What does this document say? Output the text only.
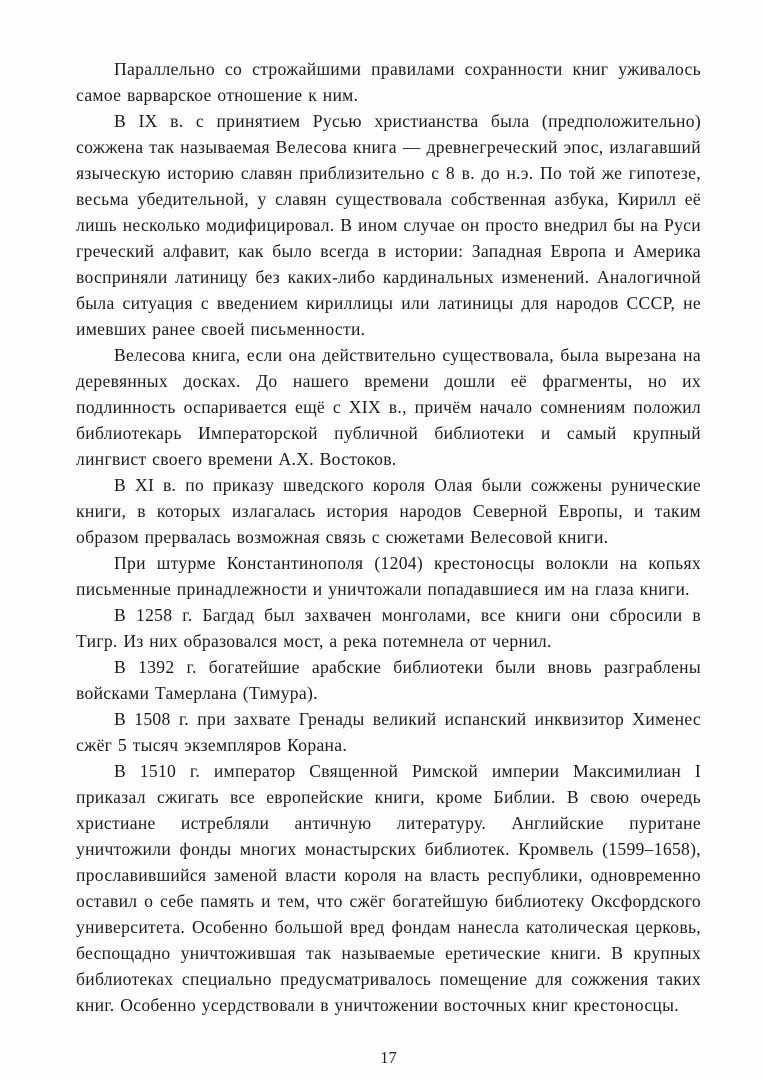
Параллельно со строжайшими правилами сохранности книг уживалось самое варварское отношение к ним.

В IX в. с принятием Русью христианства была (предположительно) сожжена так называемая Велесова книга — древнегреческий эпос, излагавший языческую историю славян приблизительно с 8 в. до н.э. По той же гипотезе, весьма убедительной, у славян существовала собственная азбука, Кирилл её лишь несколько модифицировал. В ином случае он просто внедрил бы на Руси греческий алфавит, как было всегда в истории: Западная Европа и Америка восприняли латиницу без каких-либо кардинальных изменений. Аналогичной была ситуация с введением кириллицы или латиницы для народов СССР, не имевших ранее своей письменности.

Велесова книга, если она действительно существовала, была вырезана на деревянных досках. До нашего времени дошли её фрагменты, но их подлинность оспаривается ещё с XIX в., причём начало сомнениям положил библиотекарь Императорской публичной библиотеки и самый крупный лингвист своего времени А.Х. Востоков.

В XI в. по приказу шведского короля Олая были сожжены рунические книги, в которых излагалась история народов Северной Европы, и таким образом прервалась возможная связь с сюжетами Велесовой книги.

При штурме Константинополя (1204) крестоносцы волокли на копьях письменные принадлежности и уничтожали попадавшиеся им на глаза книги.

В 1258 г. Багдад был захвачен монголами, все книги они сбросили в Тигр. Из них образовался мост, а река потемнела от чернил.

В 1392 г. богатейшие арабские библиотеки были вновь разграблены войсками Тамерлана (Тимура).

В 1508 г. при захвате Гренады великий испанский инквизитор Хименес сжёг 5 тысяч экземпляров Корана.

В 1510 г. император Священной Римской империи Максимилиан I приказал сжигать все европейские книги, кроме Библии. В свою очередь христиане истребляли античную литературу. Английские пуритане уничтожили фонды многих монастырских библиотек. Кромвель (1599–1658), прославившийся заменой власти короля на власть республики, одновременно оставил о себе память и тем, что сжёг богатейшую библиотеку Оксфордского университета. Особенно большой вред фондам нанесла католическая церковь, беспощадно уничтожившая так называемые еретические книги. В крупных библиотеках специально предусматривалось помещение для сожжения таких книг. Особенно усердствовали в уничтожении восточных книг крестоносцы.

17
